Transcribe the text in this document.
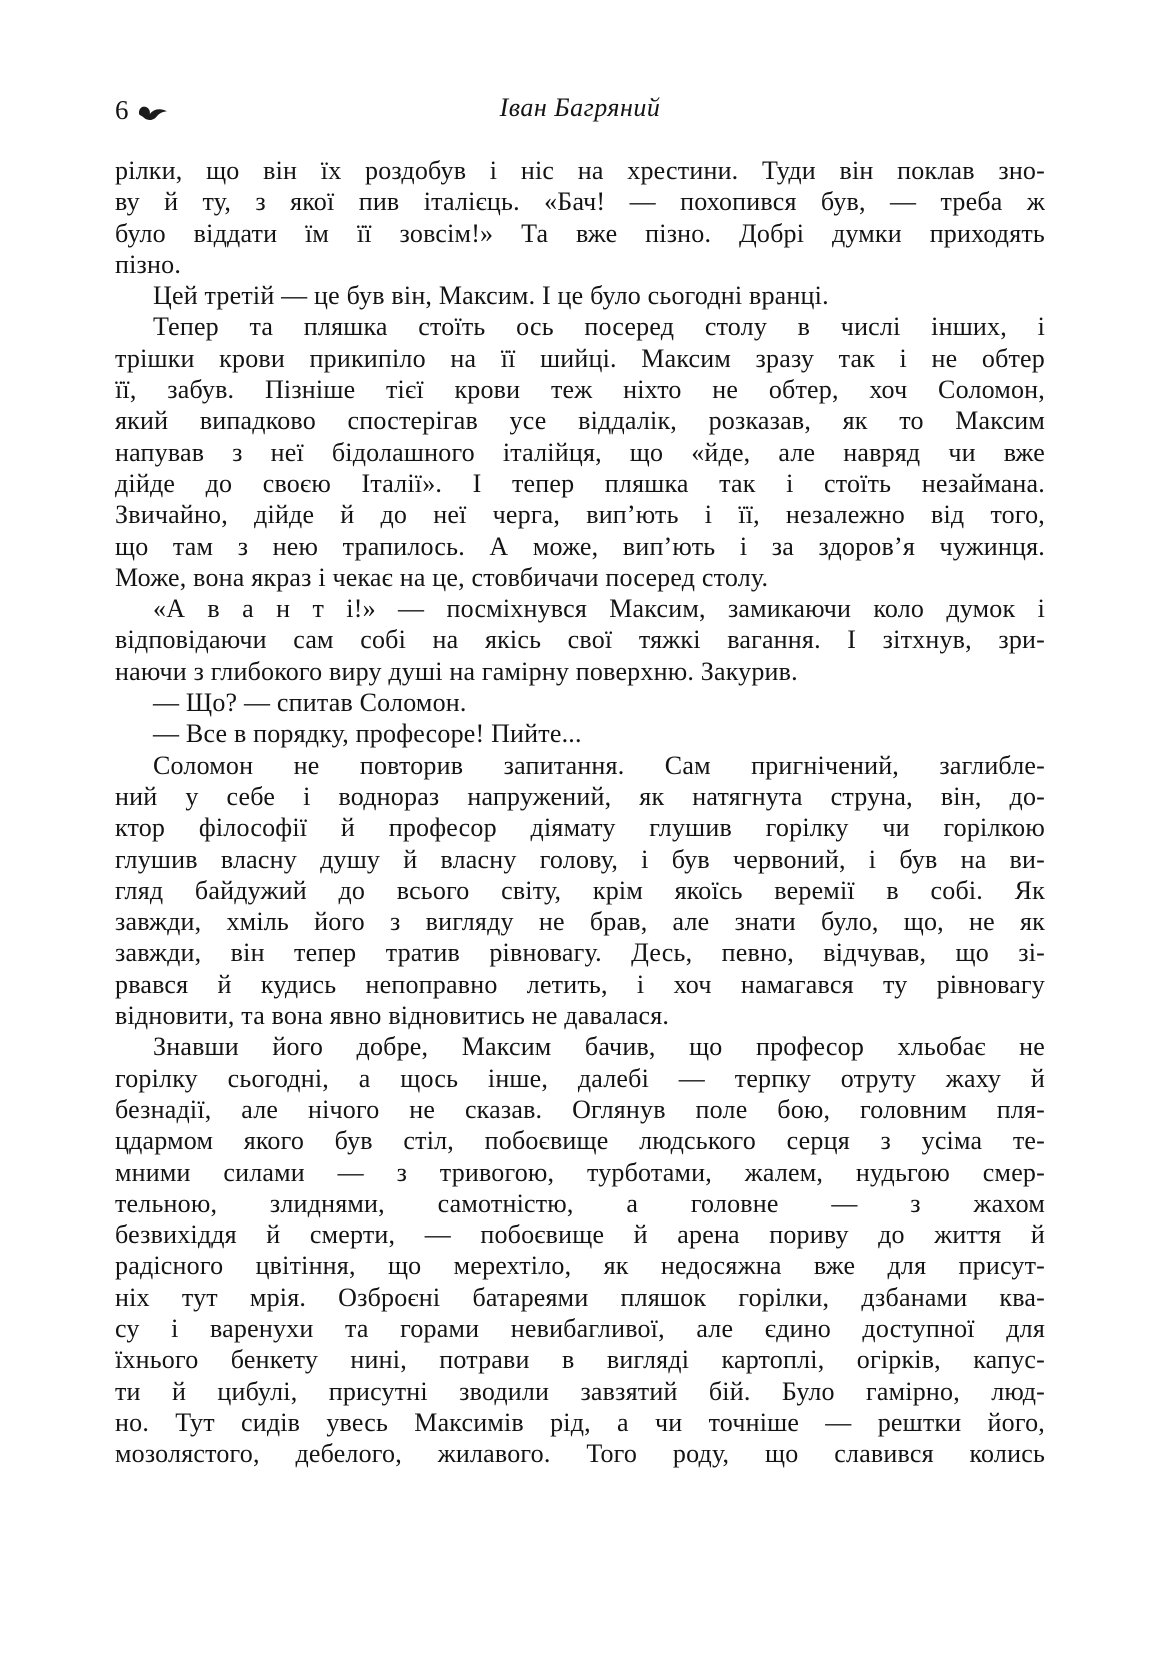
6	Іван Багряний
рілки, що він їх роздобув і ніс на хрестини. Туди він поклав зно-
ву й ту, з якої пив італієць. «Бач! — похопився був, — треба ж
було віддати їм її зовсім!» Та вже пізно. Добрі думки приходять
пізно.
Цей третій — це був він, Максим. І це було сьогодні вранці.
Тепер та пляшка стоїть ось посеред столу в числі інших, і
трішки крови прикипіло на її шийці. Максим зразу так і не обтер
її, забув. Пізніше тієї крови теж ніхто не обтер, хоч Соломон,
який випадково спостерігав усе віддалік, розказав, як то Максим
напував з неї бідолашного італійця, що «йде, але навряд чи вже
дійде до своєю Італії». І тепер пляшка так і стоїть незаймана.
Звичайно, дійде й до неї черга, вип’ють і її, незалежно від того,
що там з нею трапилось. А може, вип’ють і за здоров’я чужинця.
Може, вона якраз і чекає на це, стовбичачи посеред столу.
«А в а н т і!» — посміхнувся Максим, замикаючи коло думок і
відповідаючи сам собі на якісь свої тяжкі вагання. І зітхнув, зри-
наючи з глибокого виру душі на гамірну поверхню. Закурив.
— Що? — спитав Соломон.
— Все в порядку, професоре! Пийте...
Соломон не повторив запитання. Сам пригнічений, заглибле-
ний у себе і воднораз напружений, як натягнута струна, він, до-
ктор філософії й професор діямату глушив горілку чи горілкою
глушив власну душу й власну голову, і був червоний, і був на ви-
гляд байдужий до всього світу, крім якоїсь веремії в собі. Як
завжди, хміль його з вигляду не брав, але знати було, що, не як
завжди, він тепер тратив рівновагу. Десь, певно, відчував, що зі-
рвався й кудись непоправно летить, і хоч намагався ту рівновагу
відновити, та вона явно відновитись не давалася.
Знавши його добре, Максим бачив, що професор хльобає не
горілку сьогодні, а щось інше, далебі — терпку отруту жаху й
безнадії, але нічого не сказав. Оглянув поле бою, головним пля-
цдармом якого був стіл, побоєвище людського серця з усіма те-
мними силами — з тривогою, турботами, жалем, нудьгою смер-
тельною, злиднями, самотністю, а головне — з жахом
безвихіддя й смерти, — побоєвище й арена пориву до життя й
радісного цвітіння, що мерехтіло, як недосяжна вже для присут-
ніх тут мрія. Озброєні батареями пляшок горілки, дзбанами ква-
су і варенухи та горами невибагливої, але єдино доступної для
їхнього бенкету нині, потрави в вигляді картоплі, огірків, капус-
ти й цибулі, присутні зводили завзятий бій. Було гамірно, люд-
но. Тут сидів увесь Максимів рід, а чи точніше — рештки його,
мозолястого, дебелого, жилавого. Того роду, що славився колись
